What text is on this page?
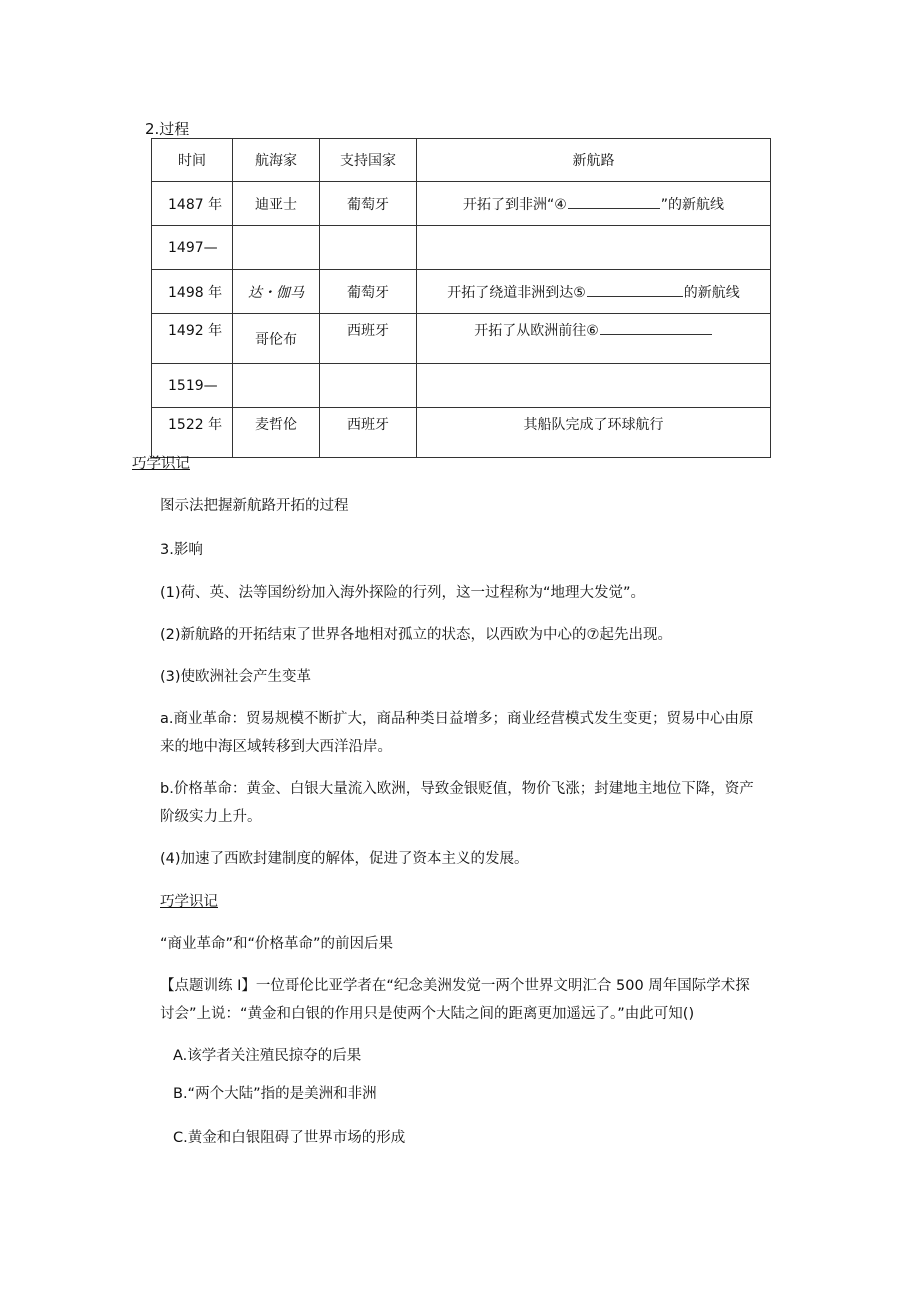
2.过程
时间	航海家	支持国家	新航路
1487 年	迪亚士	葡萄牙	开拓了到非洲“④ ”的新航线
1497—			
1498 年	达・伽马	葡萄牙	开拓了绕道非洲到达⑤ 的新航线
1492 年	哥伦布	西班牙	开拓了从欧洲前往⑥
1519—			
1522 年	麦哲伦	西班牙	其船队完成了环球航行

巧学识记

图示法把握新航路开拓的过程

3.影响

(1)荷、英、法等国纷纷加入海外探险的行列，这一过程称为“地理大发觉”。

(2)新航路的开拓结束了世界各地相对孤立的状态，以西欧为中心的⑦起先出现。

(3)使欧洲社会产生变革

a.商业革命：贸易规模不断扩大，商品种类日益增多；商业经营模式发生变更；贸易中心由原

来的地中海区域转移到大西洋沿岸。

b.价格革命：黄金、白银大量流入欧洲，导致金银贬值，物价飞涨；封建地主地位下降，资产

阶级实力上升。

(4)加速了西欧封建制度的解体，促进了资本主义的发展。

巧学识记

“商业革命”和“价格革命”的前因后果

【点题训练 I】一位哥伦比亚学者在“纪念美洲发觉一两个世界文明汇合 500 周年国际学术探

讨会”上说：“黄金和白银的作用只是使两个大陆之间的距离更加遥远了。”由此可知()

A.该学者关注殖民掠夺的后果

B.“两个大陆”指的是美洲和非洲

C.黄金和白银阻碍了世界市场的形成
